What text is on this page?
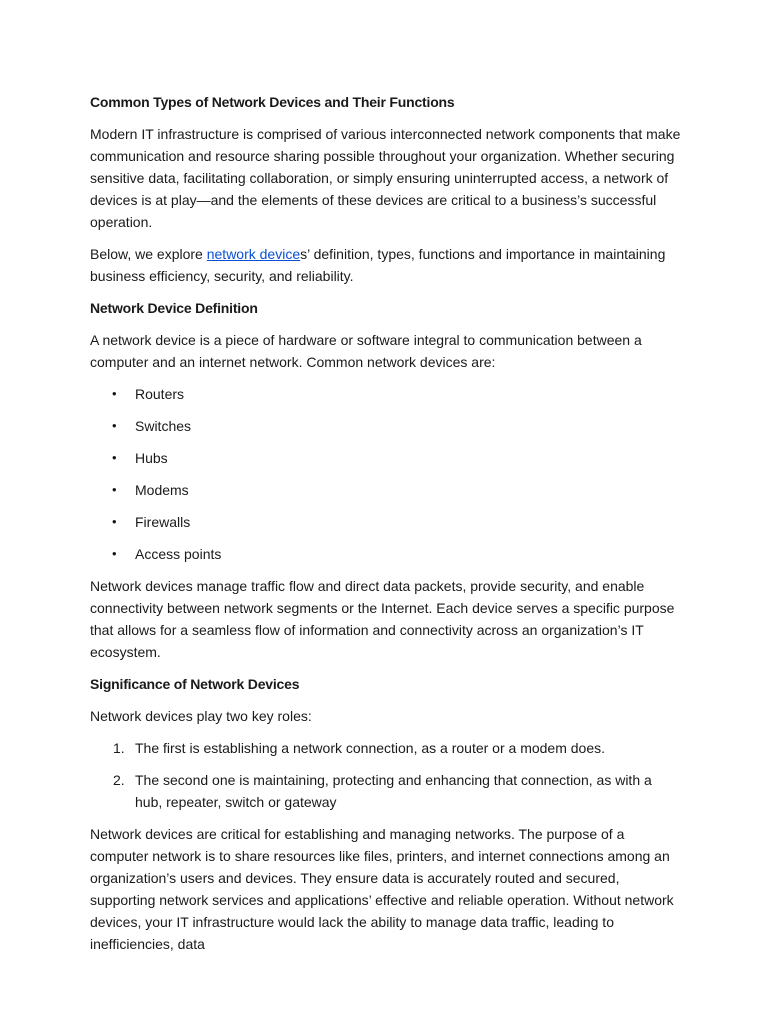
Common Types of Network Devices and Their Functions

Modern IT infrastructure is comprised of various interconnected network components that make communication and resource sharing possible throughout your organization. Whether securing sensitive data, facilitating collaboration, or simply ensuring uninterrupted access, a network of devices is at play—and the elements of these devices are critical to a business’s successful operation.

Below, we explore network devices’ definition, types, functions and importance in maintaining business efficiency, security, and reliability.

Network Device Definition

A network device is a piece of hardware or software integral to communication between a computer and an internet network. Common network devices are:

• Routers
• Switches
• Hubs
• Modems
• Firewalls
• Access points

Network devices manage traffic flow and direct data packets, provide security, and enable connectivity between network segments or the Internet. Each device serves a specific purpose that allows for a seamless flow of information and connectivity across an organization’s IT ecosystem.

Significance of Network Devices

Network devices play two key roles:

1. The first is establishing a network connection, as a router or a modem does.
2. The second one is maintaining, protecting and enhancing that connection, as with a hub, repeater, switch or gateway

Network devices are critical for establishing and managing networks. The purpose of a computer network is to share resources like files, printers, and internet connections among an organization’s users and devices. They ensure data is accurately routed and secured, supporting network services and applications’ effective and reliable operation. Without network devices, your IT infrastructure would lack the ability to manage data traffic, leading to inefficiencies, data
